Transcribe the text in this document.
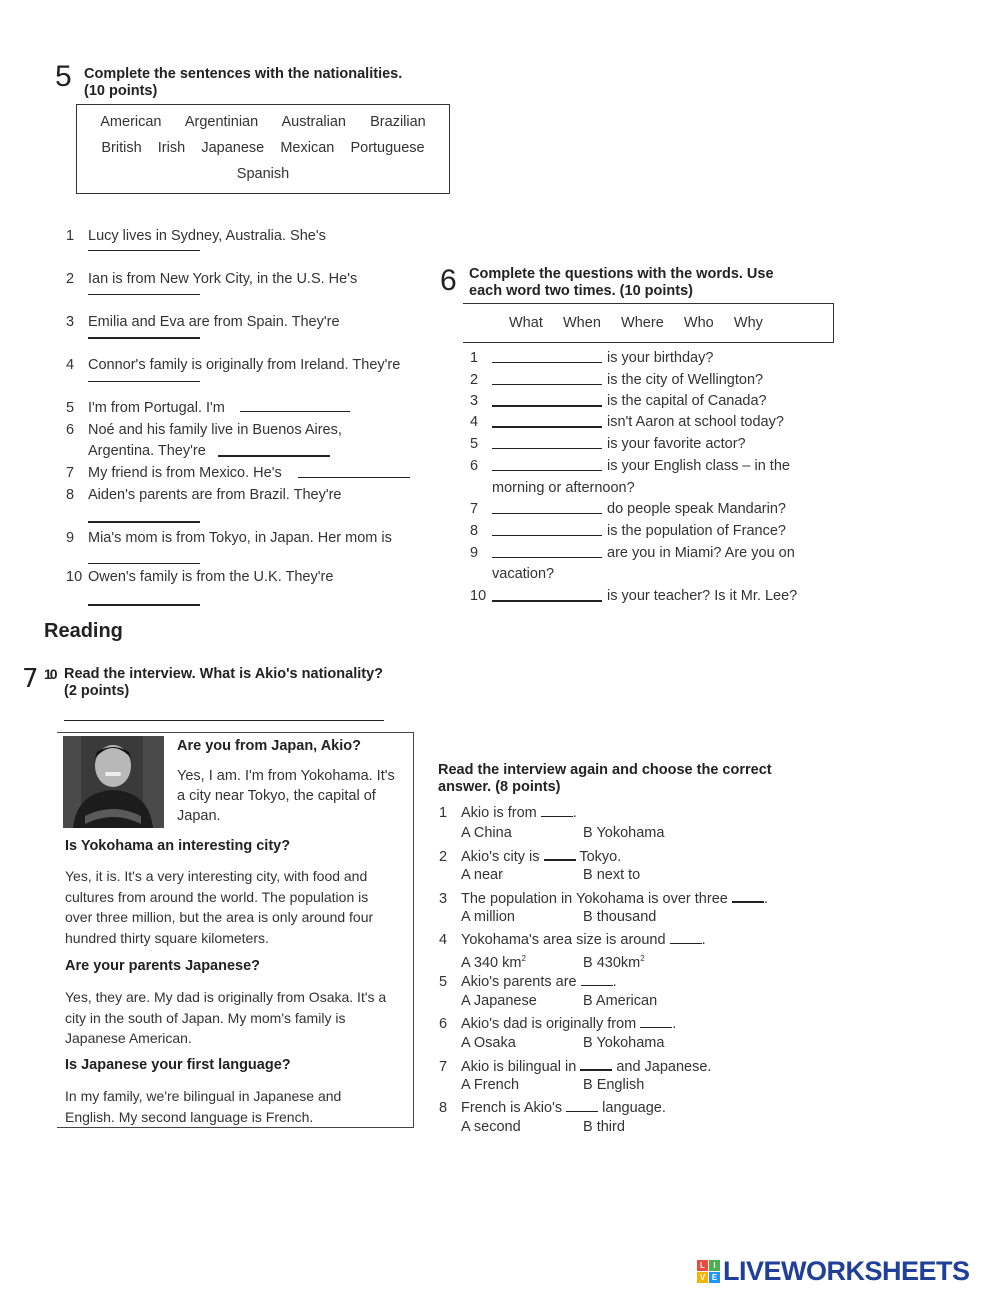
5 Complete the sentences with the nationalities.
(10 points)
American Argentinian Australian Brazilian
British Irish Japanese Mexican Portuguese
Spanish
1 Lucy lives in Sydney, Australia. She's
2 Ian is from New York City, in the U.S. He's
3 Emilia and Eva are from Spain. They're
4 Connor's family is originally from Ireland. They're
5 I'm from Portugal. I'm
6 Noé and his family live in Buenos Aires,
Argentina. They're
7 My friend is from Mexico. He's
8 Aiden's parents are from Brazil. They're
9 Mia's mom is from Tokyo, in Japan. Her mom is
10 Owen's family is from the U.K. They're
6 Complete the questions with the words. Use
each word two times. (10 points)
What When Where Who Why
1	is your birthday?
2	is the city of Wellington?
3	is the capital of Canada?
4	isn't Aaron at school today?
5	is your favorite actor?
6	is your English class – in the
morning or afternoon?
7	do people speak Mandarin?
8	is the population of France?
9	are you in Miami? Are you on
vacation?
10	is your teacher? Is it Mr. Lee?
Reading
7 10 Read the interview. What is Akio's nationality?
(2 points)
Are you from Japan, Akio?
Yes, I am. I'm from Yokohama. It's
a city near Tokyo, the capital of
Japan.
Is Yokohama an interesting city?
Yes, it is. It's a very interesting city, with food and
cultures from around the world. The population is
over three million, but the area is only around four
hundred thirty square kilometers.
Are your parents Japanese?
Yes, they are. My dad is originally from Osaka. It's a
city in the south of Japan. My mom's family is
Japanese American.
Is Japanese your first language?
In my family, we're bilingual in Japanese and
English. My second language is French.
Read the interview again and choose the correct
answer. (8 points)
1 Akio is from .
A China	B Yokohama
2 Akio's city is	Tokyo.
A near	B next to
3 The population in Yokohama is over three .
A million	B thousand
4 Yokohama's area size is around .
A 340 $km^2$	B $430km^2$
5 Akio's parents are .
A Japanese	B American
6 Akio's dad is originally from .
A Osaka	B Yokohama
7 Akio is bilingual in	and Japanese.
A French	B English
8 French is Akio's	language.
A second	B third
L	I
V E LIVEWORKSHEETS
